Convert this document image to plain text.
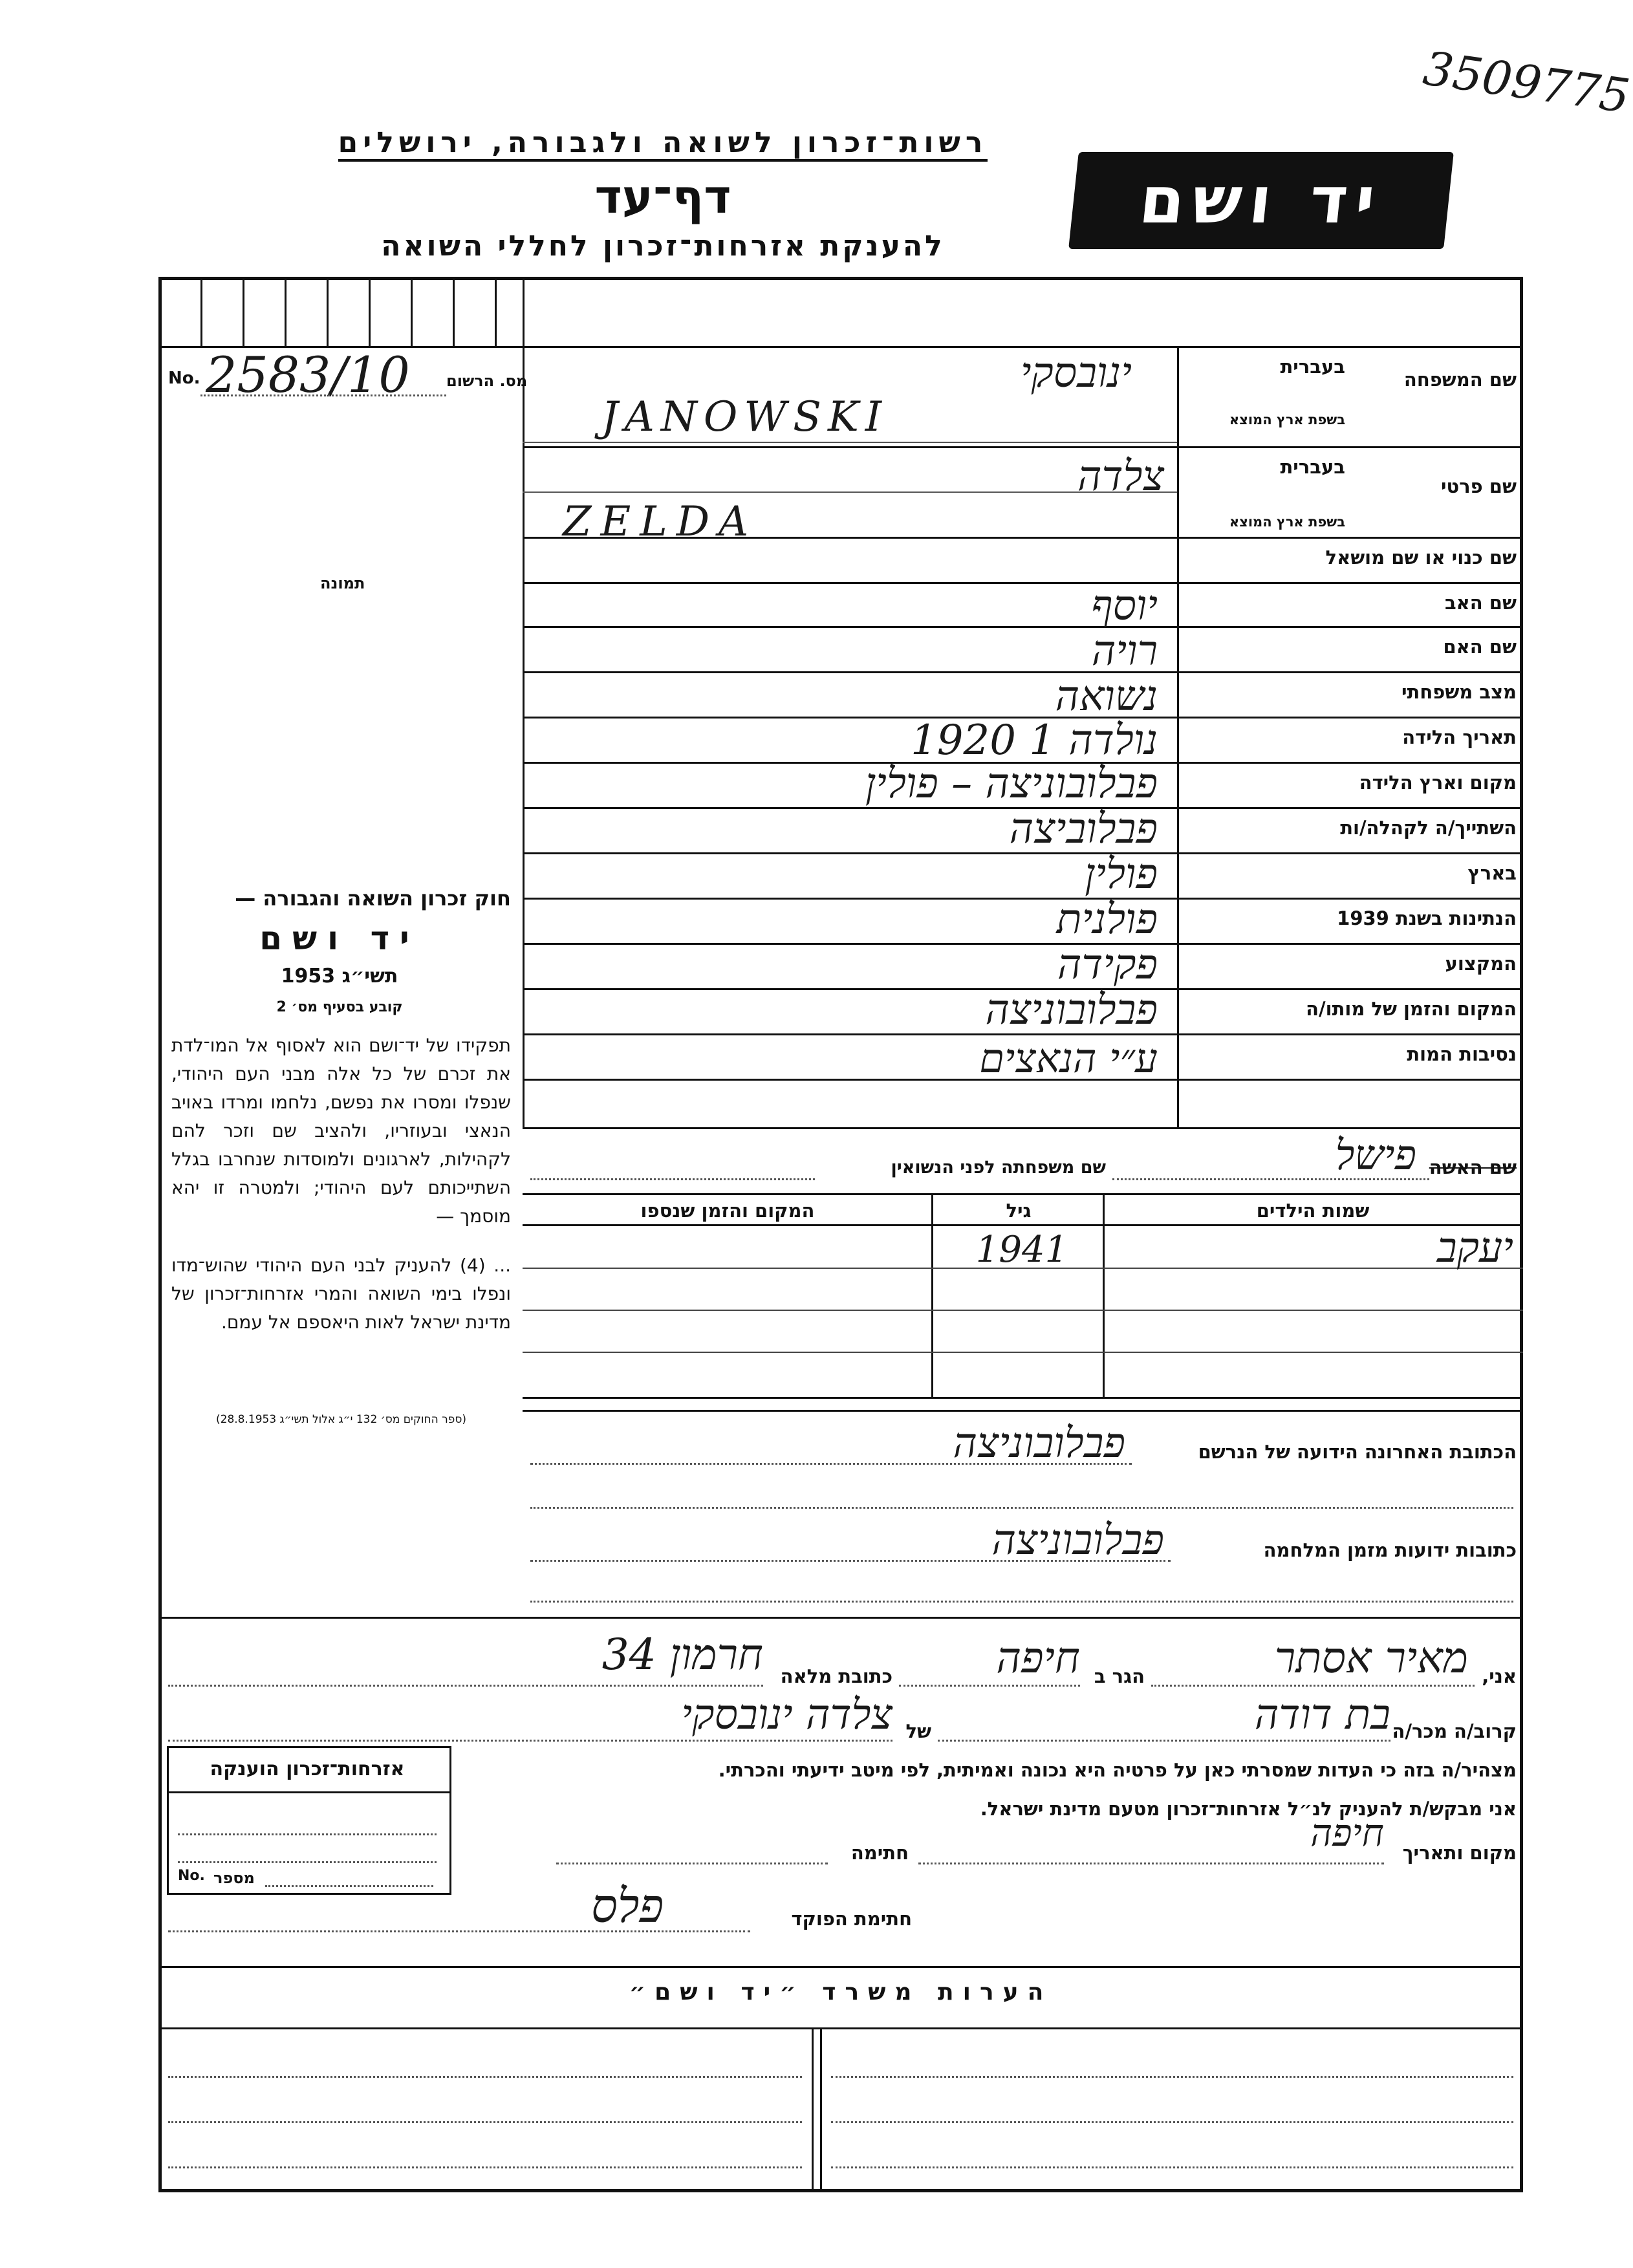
3509775
רשות־זכרון לשואה ולגבורה, ירושלים
דף־עד
להענקת אזרחות־זכרון לחללי השואה
יד ושם
No. 2583/10 מס. הרשום
תמונה
שם המשפחה
בעברית
בשפת ארץ המוצא
ינובסקי
JANOWSKI
שם פרטי
בעברית
בשפת ארץ המוצא
צלדה
ZELDA
שם כנוי או שם מושאל
שם האב
יוסף
שם האם
רויה
מצב משפחתי
נשואה
תאריך הלידה
1920 נולדה 1
מקום וארץ הלידה
פבלובוניצה – פולין
השתייך/ה לקהלה/ות
פבלוביצה
בארץ
פולין
הנתינות בשנת 1939
פולנית
המקצוע
פקידה
המקום והזמן של מותו/ה
פבלובוניצה
נסיבות המות
ע״י הנאצים
חוק זכרון השואה והגבורה —
יד ושם
תשי״ג 1953
קובע בסעיף מס׳ 2
תפקידו של יד־ושם הוא לאסוף אל המו־לדת את זכרם של כל אלה מבני העם היהודי, שנפלו ומסרו את נפשם, נלחמו ומרדו באויב הנאצי ובעוזריו, ולהציב שם וזכר להם לקהילות, לארגונים ולמוסדות שנחרבו בגלל השתייכותם לעם היהודי; ולמטרה זו יהא מוסמך —
... (4) להעניק לבני העם היהודי שהוש־מדו ונפלו בימי השואה והמרי אזרחות־זכרון של מדינת ישראל לאות היאספם אל עמם.
(ספר החוקים מס׳ 132 י״ג אלול תשי״ג 28.8.1953)
שם האשה
פישל
שם משפחתה לפני הנשואין
שמות הילדים
גיל
המקום והזמן שנספו
יעקב
1941
הכתובת האחרונה הידועה של הנרשם
פבלובוניצה
כתובות ידועות מזמן המלחמה
פבלובוניצה
אני,
מאיר אסתר
הגר ב
חיפה
כתובת מלאה
חרמון 34
קרוב/ה מכר/ה
בת דודה
של
צלדה ינובסקי
מצהיר/ה בזה כי העדות שמסרתי כאן על פרטיה היא נכונה ואמיתית, לפי מיטב ידיעתי והכרתי.
אני מבקש/ת להעניק לנ״ל אזרחות־זכרון מטעם מדינת ישראל.
מקום ותאריך
חיפה
חתימה
אזרחות־זכרון הוענקה
No. מספר
חתימת הפוקד
פלס
הערות משרד ״יד ושם״
